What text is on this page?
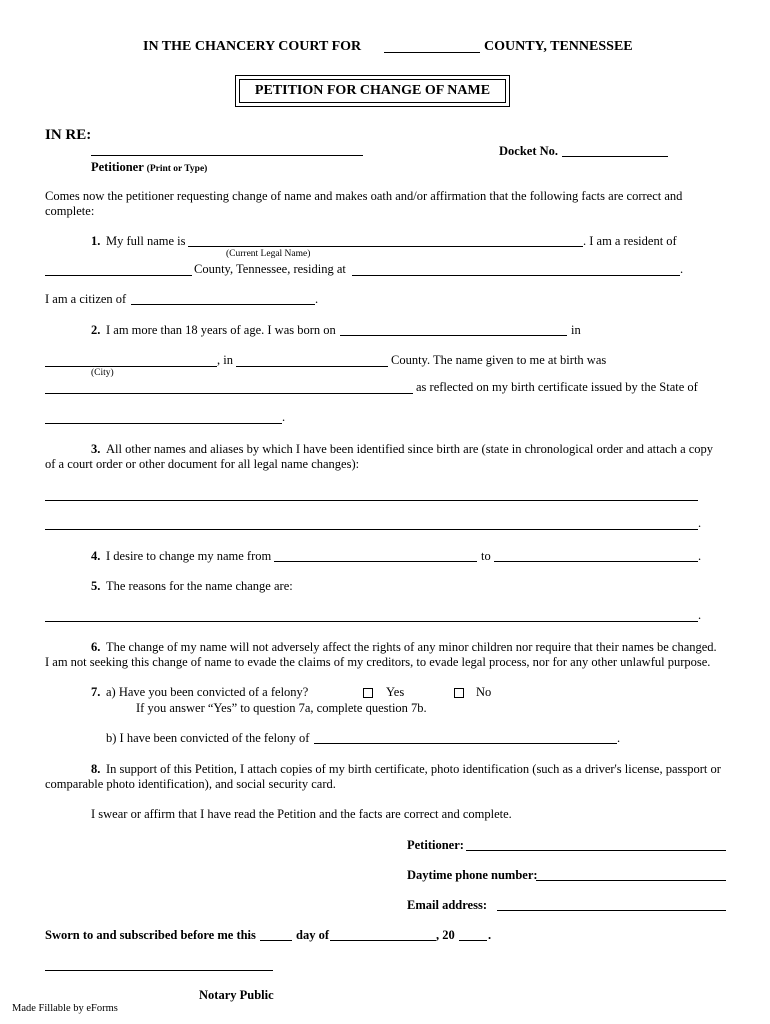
IN THE CHANCERY COURT FOR	COUNTY, TENNESSEE
PETITION FOR CHANGE OF NAME
IN RE:
Petitioner (Print or Type)
Docket No.
Comes now the petitioner requesting change of name and makes oath and/or affirmation that the following facts are correct and
complete:
1. My full name is	. I am a resident of
(Current Legal Name)
County, Tennessee, residing at	.
I am a citizen of	.
2. I am more than 18 years of age. I was born on	in
, in	County. The name given to me at birth was
(City)
as reflected on my birth certificate issued by the State of
.
3. All other names and aliases by which I have been identified since birth are (state in chronological order and attach a copy
of a court order or other document for all legal name changes):
.
4. I desire to change my name from	to	.
5. The reasons for the name change are:
.
6. The change of my name will not adversely affect the rights of any minor children nor require that their names be changed.
I am not seeking this change of name to evade the claims of my creditors, to evade legal process, nor for any other unlawful purpose.
7. a) Have you been convicted of a felony?	Yes	No
If you answer “Yes” to question 7a, complete question 7b.
b) I have been convicted of the felony of	.
8. In support of this Petition, I attach copies of my birth certificate, photo identification (such as a driver's license, passport or
comparable photo identification), and social security card.
I swear or affirm that I have read the Petition and the facts are correct and complete.
Petitioner:
Daytime phone number:
Email address:
Sworn to and subscribed before me this	day of	, 20	.
Notary Public
Made Fillable by eForms
